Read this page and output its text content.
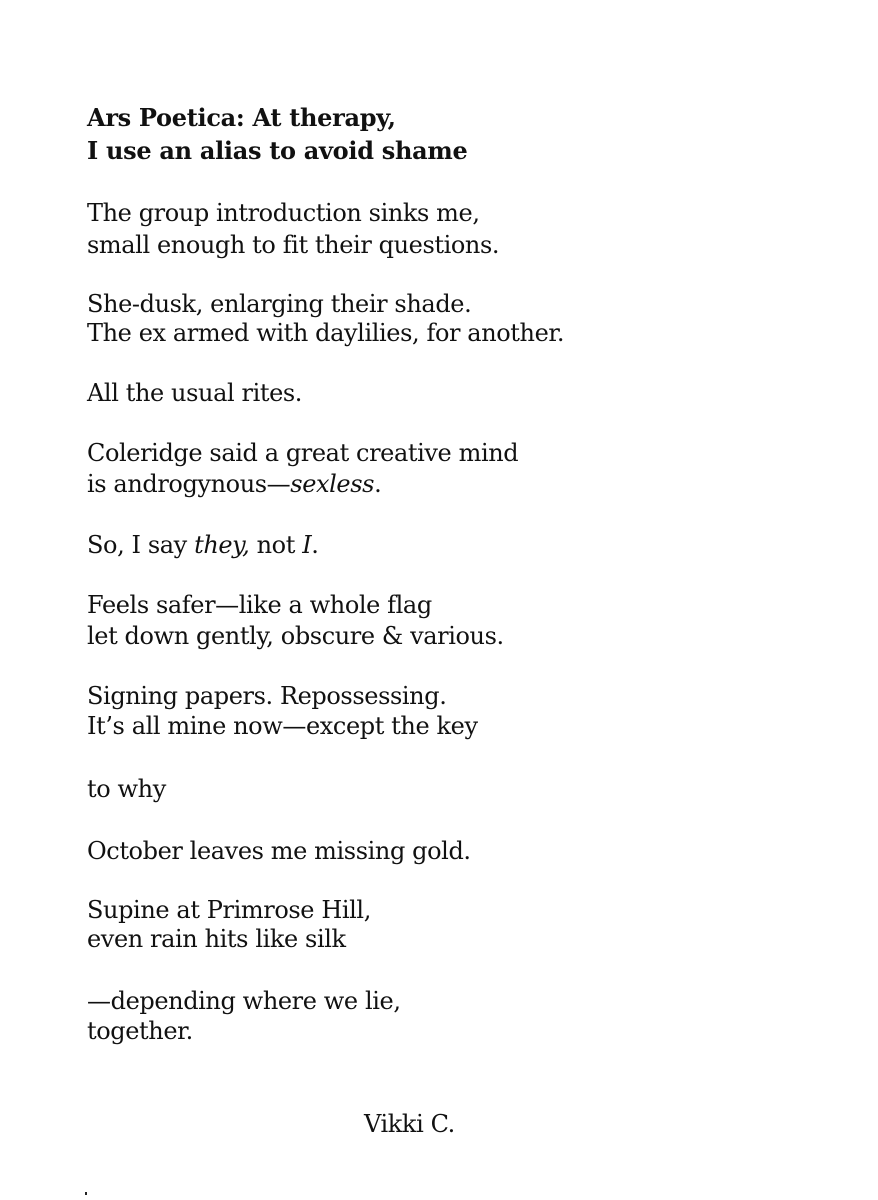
Ars Poetica: At therapy,
I use an alias to avoid shame
The group introduction sinks me,
small enough to fit their questions.
She-dusk, enlarging their shade.
The ex armed with daylilies, for another.
All the usual rites.
Coleridge said a great creative mind
is androgynous—sexless.
So, I say they, not I.
Feels safer—like a whole flag
let down gently, obscure & various.
Signing papers. Repossessing.
It’s all mine now—except the key
to why
October leaves me missing gold.
Supine at Primrose Hill,
even rain hits like silk
—depending where we lie,
together.
Vikki C.
